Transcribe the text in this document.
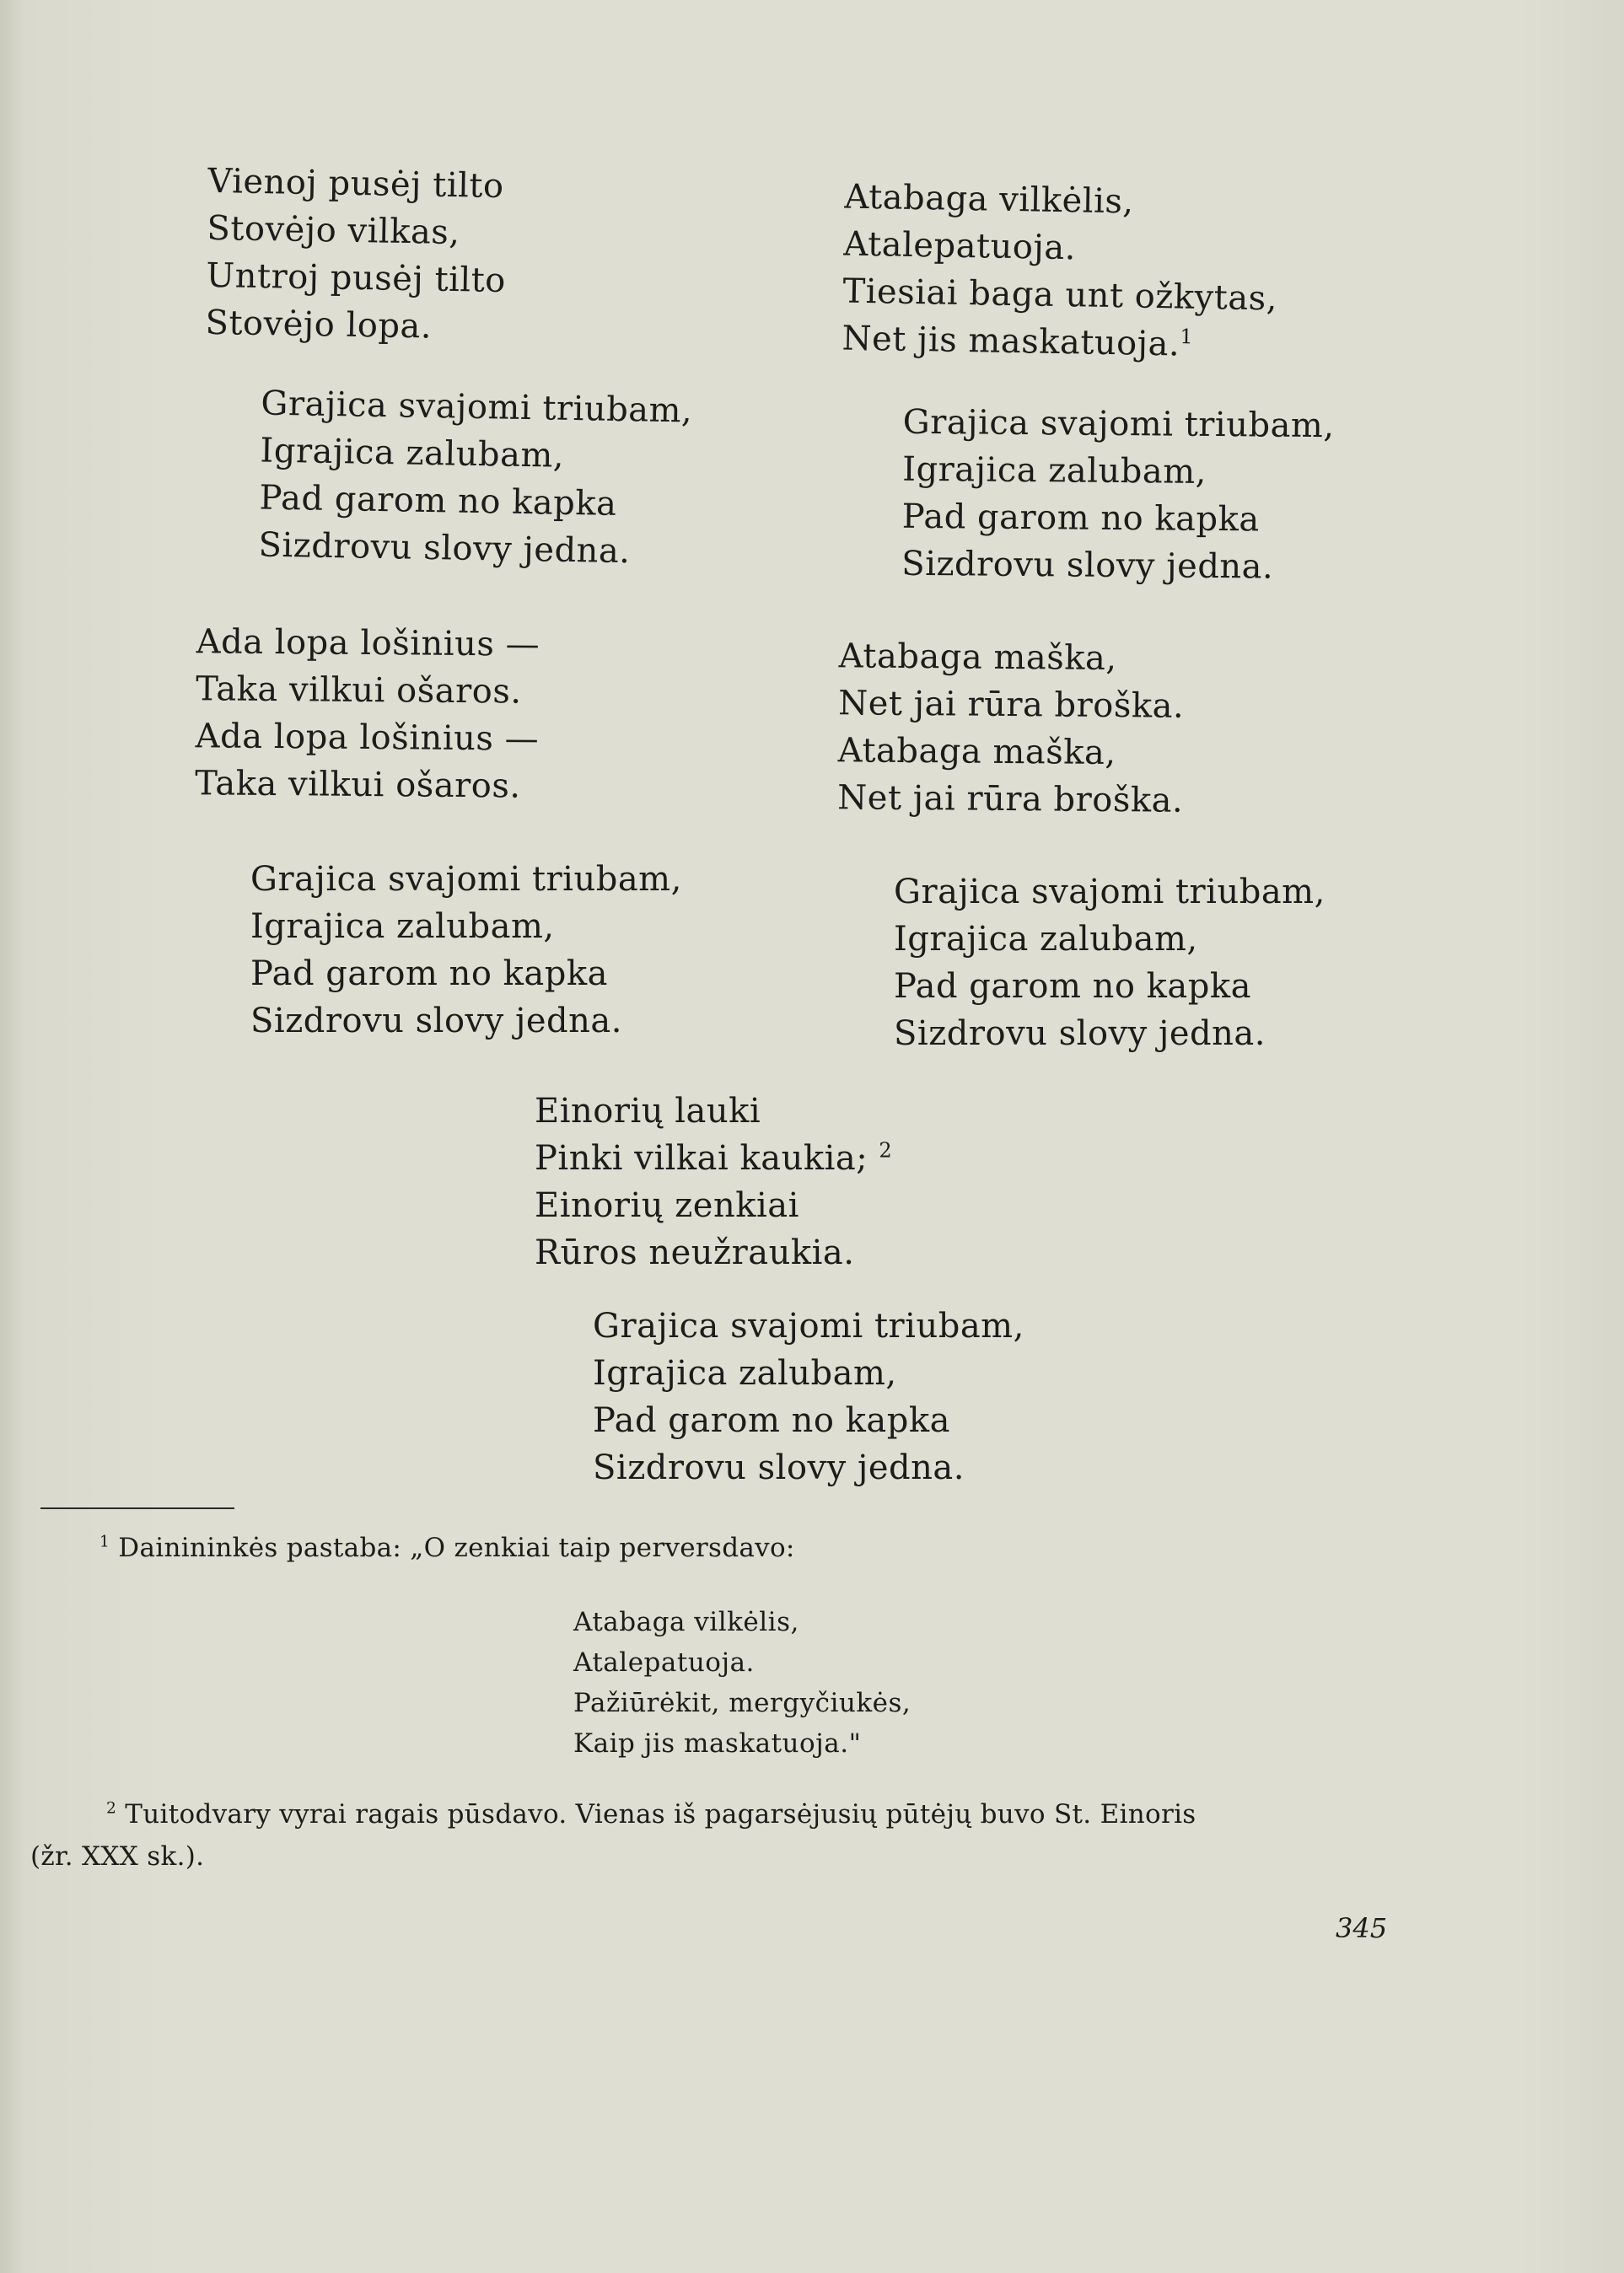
Vienoj pusėj tilto
Stovėjo vilkas,
Untroj pusėj tilto
Stovėjo lopa.
Grajica svajomi triubam,
Igrajica zalubam,
Pad garom no kapka
Sizdrovu slovy jedna.
Ada lopa lošinius —
Taka vilkui ošaros.
Ada lopa lošinius —
Taka vilkui ošaros.
Grajica svajomi triubam,
Igrajica zalubam,
Pad garom no kapka
Sizdrovu slovy jedna.
Atabaga vilkėlis,
Atalepatuoja.
Tiesiai baga unt ožkytas,
Net jis maskatuoja.$^1$
Grajica svajomi triubam,
Igrajica zalubam,
Pad garom no kapka
Sizdrovu slovy jedna.
Atabaga maška,
Net jai rūra broška.
Atabaga maška,
Net jai rūra broška.
Grajica svajomi triubam,
Igrajica zalubam,
Pad garom no kapka
Sizdrovu slovy jedna.
Einorių lauki
Pinki vilkai kaukia; $^2$
Einorių zenkiai
Rūros neužraukia.
Grajica svajomi triubam,
Igrajica zalubam,
Pad garom no kapka
Sizdrovu slovy jedna.
$^1$ Dainininkės pastaba: „O zenkiai taip perversdavo:
Atabaga vilkėlis,
Atalepatuoja.
Pažiūrėkit, mergyčiukės,
Kaip jis maskatuoja."
$^2$ Tuitodvary vyrai ragais pūsdavo. Vienas iš pagarsėjusių pūtėjų buvo St. Einoris
(žr. XXX sk.).
345
